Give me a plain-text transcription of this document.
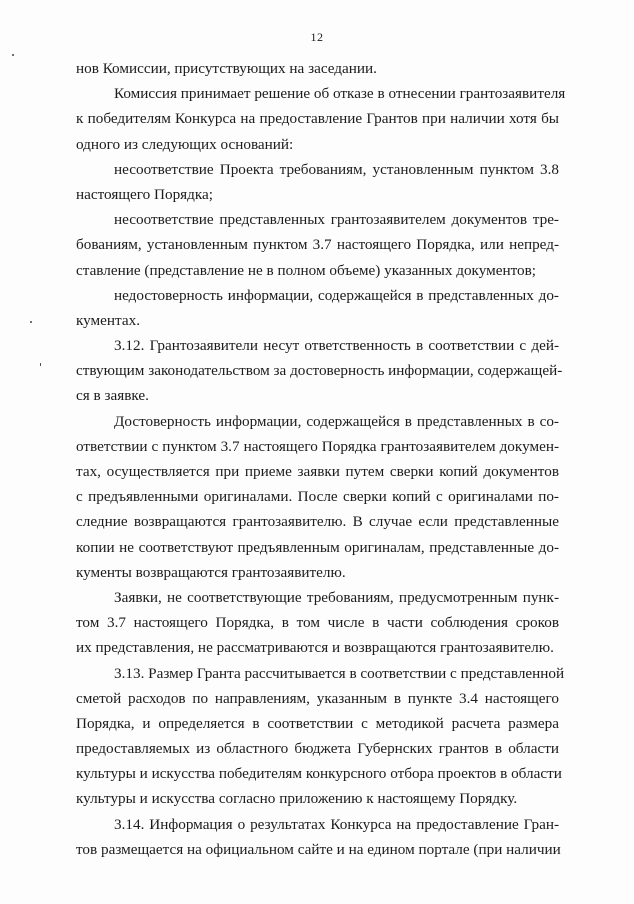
12
нов Комиссии, присутствующих на заседании.
Комиссия принимает решение об отказе в отнесении грантозаявителя
к победителям Конкурса на предоставление Грантов при наличии хотя бы
одного из следующих оснований:
несоответствие Проекта требованиям, установленным пунктом 3.8
настоящего Порядка;
несоответствие представленных грантозаявителем документов тре-
бованиям, установленным пунктом 3.7 настоящего Порядка, или непред-
ставление (представление не в полном объеме) указанных документов;
недостоверность информации, содержащейся в представленных до-
кументах.
3.12. Грантозаявители несут ответственность в соответствии с дей-
ствующим законодательством за достоверность информации, содержащей-
ся в заявке.
Достоверность информации, содержащейся в представленных в со-
ответствии с пунктом 3.7 настоящего Порядка грантозаявителем докумен-
тах, осуществляется при приеме заявки путем сверки копий документов
с предъявленными оригиналами. После сверки копий с оригиналами по-
следние возвращаются грантозаявителю. В случае если представленные
копии не соответствуют предъявленным оригиналам, представленные до-
кументы возвращаются грантозаявителю.
Заявки, не соответствующие требованиям, предусмотренным пунк-
том 3.7 настоящего Порядка, в том числе в части соблюдения сроков
их представления, не рассматриваются и возвращаются грантозаявителю.
3.13. Размер Гранта рассчитывается в соответствии с представленной
сметой расходов по направлениям, указанным в пункте 3.4 настоящего
Порядка, и определяется в соответствии с методикой расчета размера
предоставляемых из областного бюджета Губернских грантов в области
культуры и искусства победителям конкурсного отбора проектов в области
культуры и искусства согласно приложению к настоящему Порядку.
3.14. Информация о результатах Конкурса на предоставление Гран-
тов размещается на официальном сайте и на едином портале (при наличии
